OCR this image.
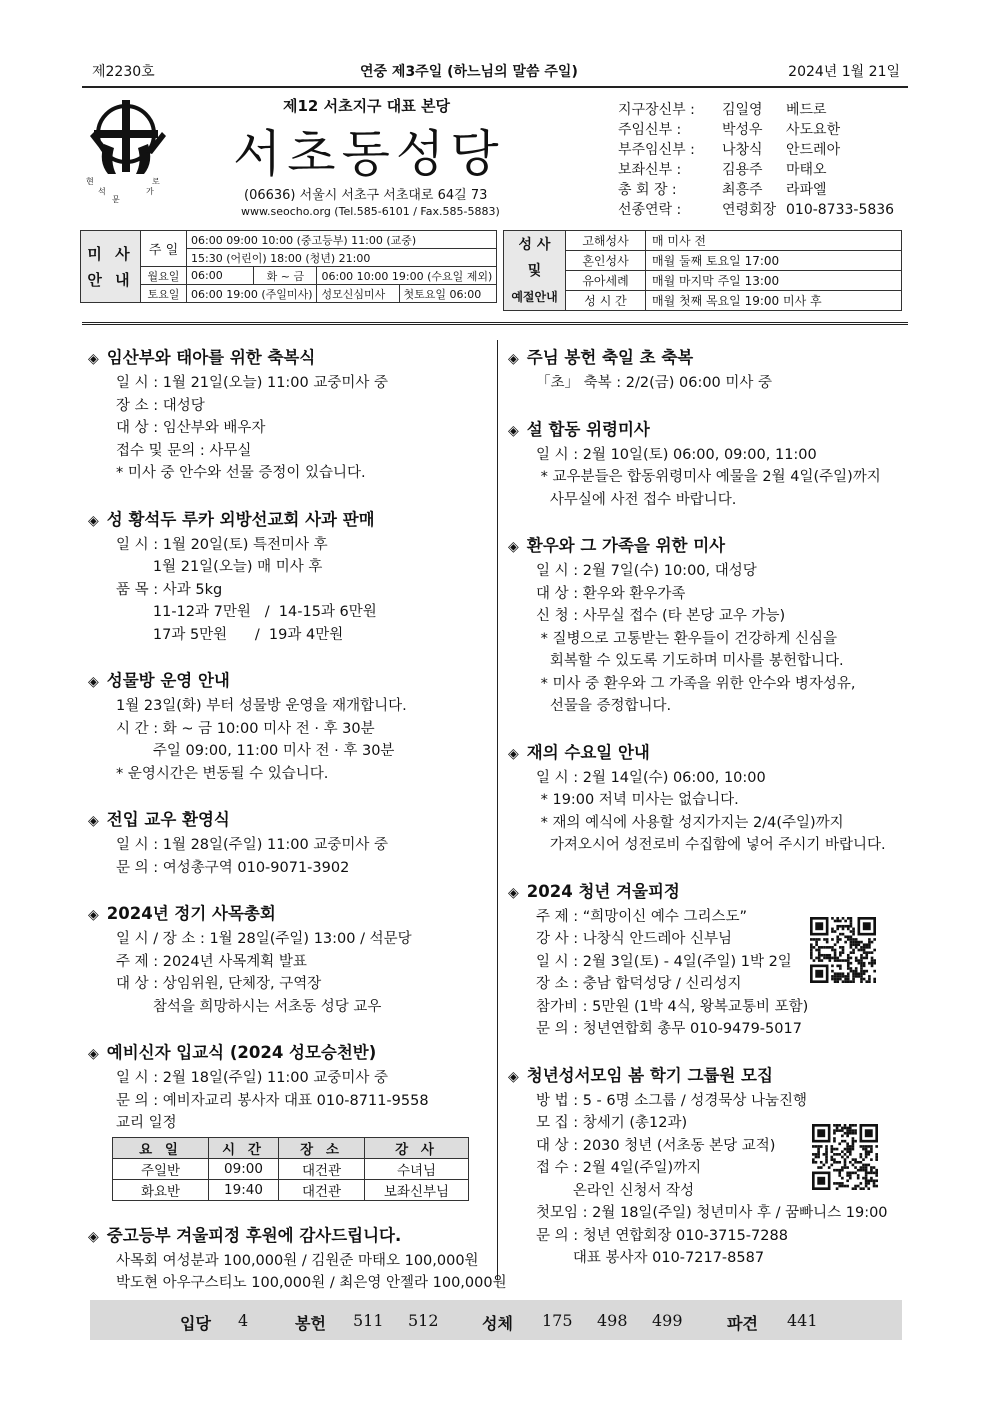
제2230호	연중 제3주일 (하느님의 말씀 주일)	2024년 1월 21일
현
석
문
로
가
제12 서초지구 대표 본당
서초동성당
(06636) 서울시 서초구 서초대로 64길 73
www.seocho.org (Tel.585-6101 / Fax.585-5883)
지구장신부 :	김일영	베드로
주임신부 :	박성우	사도요한
부주임신부 :	나창식	안드레아
보좌신부 :	김용주	마태오
총 회 장 :	최흥주	라파엘
선종연락 :	연령회장 010-8733-5836
미 사
안 내	주 일	06:00 09:00 10:00 (중고등부) 11:00 (교중)			
		15:30 (어린이) 18:00 (청년) 21:00			
	월요일	06:00	화 ~ 금	06:00 10:00 19:00 (수요일 제외)	
	토요일	06:00 19:00 (주일미사)		성모신심미사	첫토요일 06:00
성 사
및
예절안내	고해성사	매 미사 전
	혼인성사	매월 둘째 토요일 17:00
	유아세례	매월 마지막 주일 13:00
	성 시 간	매월 첫째 목요일 19:00 미사 후
◈ 임산부와 태아를 위한 축복식
일 시 : 1월 21일(오늘) 11:00 교중미사 중
장 소 : 대성당
대 상 : 임산부와 배우자
접수 및 문의 : 사무실
* 미사 중 안수와 선물 증정이 있습니다.
◈ 성 황석두 루카 외방선교회 사과 판매
일 시 : 1월 20일(토) 특전미사 후
1월 21일(오늘) 매 미사 후
품 목 : 사과 5kg
11-12과 7만원   /  14-15과 6만원
17과 5만원      /  19과 4만원
◈ 성물방 운영 안내
1월 23일(화) 부터 성물방 운영을 재개합니다.
시 간 : 화 ~ 금 10:00 미사 전 · 후 30분
주일 09:00, 11:00 미사 전 · 후 30분
* 운영시간은 변동될 수 있습니다.
◈ 전입 교우 환영식
일 시 : 1월 28일(주일) 11:00 교중미사 중
문 의 : 여성총구역 010-9071-3902
◈ 2024년 정기 사목총회
일 시 / 장 소 : 1월 28일(주일) 13:00 / 석문당
주 제 : 2024년 사목계획 발표
대 상 : 상임위원, 단체장, 구역장
참석을 희망하시는 서초동 성당 교우
◈ 예비신자 입교식 (2024 성모승천반)
일 시 : 2월 18일(주일) 11:00 교중미사 중
문 의 : 예비자교리 봉사자 대표 010-8711-9558
교리 일정
요 일	시 간	장 소	강 사
주일반	09:00	대건관	수녀님
화요반	19:40	대건관	보좌신부님
◈ 중고등부 겨울피정 후원에 감사드립니다.
사목회 여성분과 100,000원 / 김원준 마태오 100,000원
박도현 아우구스티노 100,000원 / 최은영 안젤라 100,000원
◈ 주님 봉헌 축일 초 축복
「초」 축복 : 2/2(금) 06:00 미사 중
◈ 설 합동 위령미사
일 시 : 2월 10일(토) 06:00, 09:00, 11:00
* 교우분들은 합동위령미사 예물을 2월 4일(주일)까지
사무실에 사전 접수 바랍니다.
◈ 환우와 그 가족을 위한 미사
일 시 : 2월 7일(수) 10:00, 대성당
대 상 : 환우와 환우가족
신 청 : 사무실 접수 (타 본당 교우 가능)
* 질병으로 고통받는 환우들이 건강하게 신심을
회복할 수 있도록 기도하며 미사를 봉헌합니다.
* 미사 중 환우와 그 가족을 위한 안수와 병자성유,
선물을 증정합니다.
◈ 재의 수요일 안내
일 시 : 2월 14일(수) 06:00, 10:00
* 19:00 저녁 미사는 없습니다.
* 재의 예식에 사용할 성지가지는 2/4(주일)까지
가져오시어 성전로비 수집함에 넣어 주시기 바랍니다.
◈ 2024 청년 겨울피정
주 제 : “희망이신 예수 그리스도”
강 사 : 나창식 안드레아 신부님
일 시 : 2월 3일(토) - 4일(주일) 1박 2일
장 소 : 충남 합덕성당 / 신리성지
참가비 : 5만원 (1박 4식, 왕복교통비 포함)
문 의 : 청년연합회 총무 010-9479-5017
◈ 청년성서모임 봄 학기 그룹원 모집
방 법 : 5 - 6명 소그룹 / 성경묵상 나눔진행
모 집 : 창세기 (총12과)
대 상 : 2030 청년 (서초동 본당 교적)
접 수 : 2월 4일(주일)까지
온라인 신청서 작성
첫모임 : 2월 18일(주일) 청년미사 후 / 꿈빠니스 19:00
문 의 : 청년 연합회장 010-3715-7288
대표 봉사자 010-7217-8587
입당 4	봉헌 511 512	성체 175 498 499	파견 441
